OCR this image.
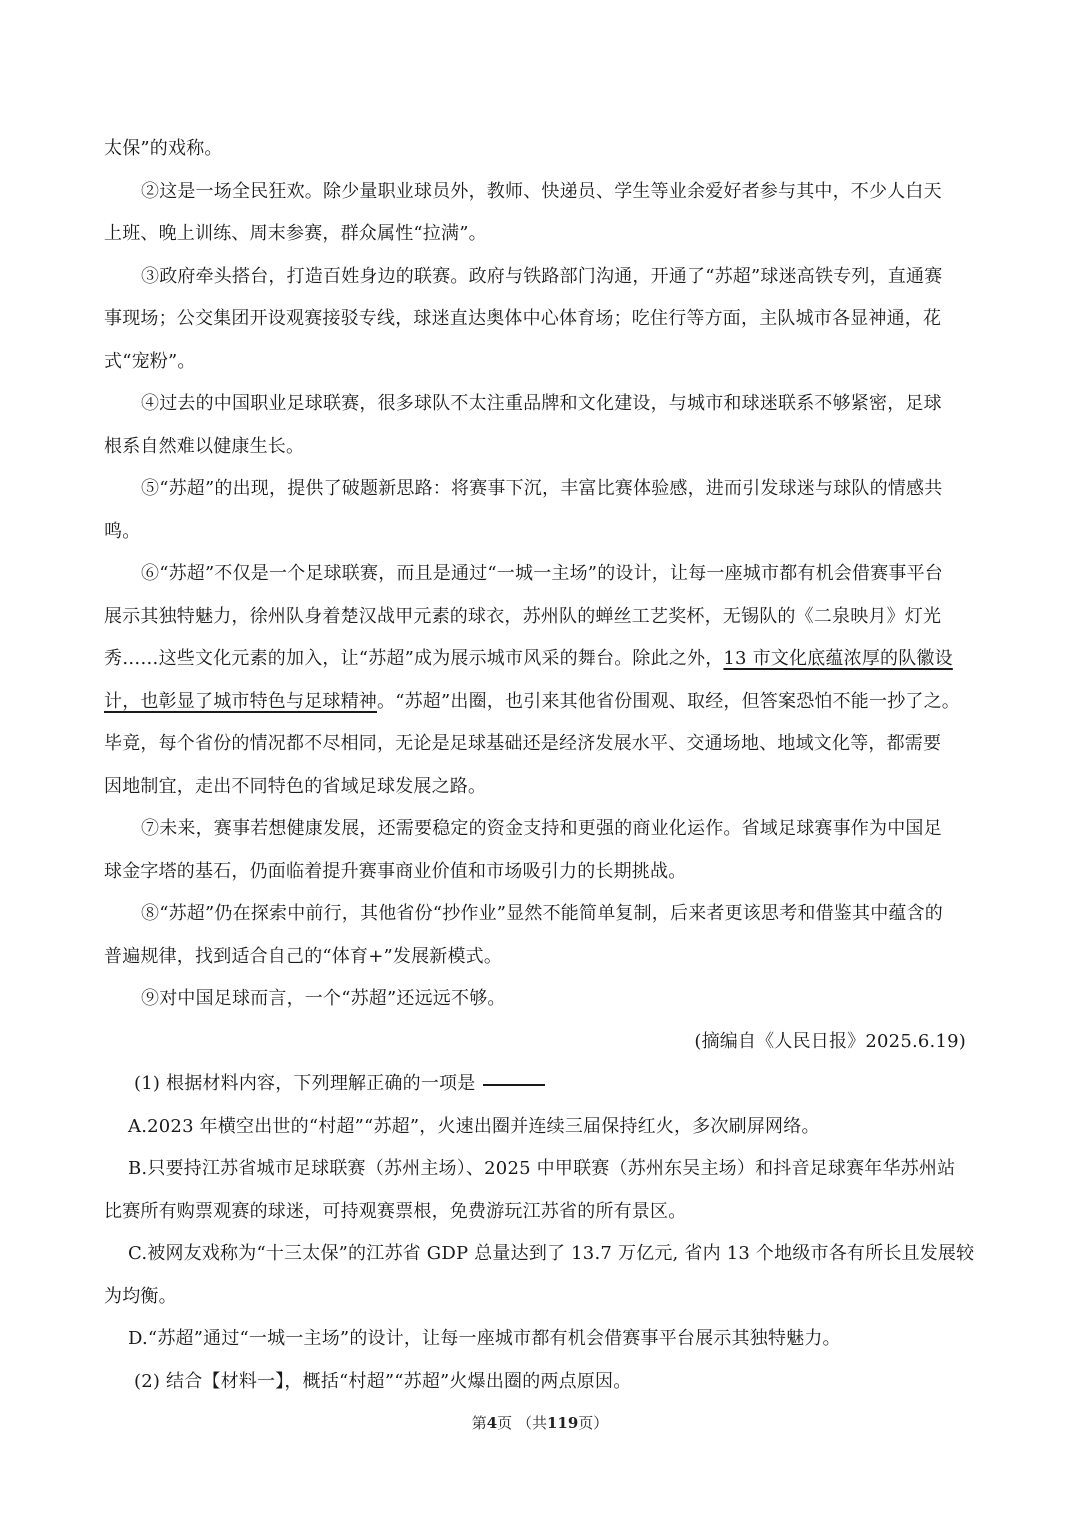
太保”的戏称。
②这是一场全民狂欢。除少量职业球员外，教师、快递员、学生等业余爱好者参与其中，不少人白天
上班、晚上训练、周末参赛，群众属性“拉满”。
③政府牵头搭台，打造百姓身边的联赛。政府与铁路部门沟通，开通了“苏超”球迷高铁专列，直通赛
事现场；公交集团开设观赛接驳专线，球迷直达奥体中心体育场；吃住行等方面，主队城市各显神通，花
式“宠粉”。
④过去的中国职业足球联赛，很多球队不太注重品牌和文化建设，与城市和球迷联系不够紧密，足球
根系自然难以健康生长。
⑤“苏超”的出现，提供了破题新思路：将赛事下沉，丰富比赛体验感，进而引发球迷与球队的情感共
鸣。
⑥“苏超”不仅是一个足球联赛，而且是通过“一城一主场”的设计，让每一座城市都有机会借赛事平台
展示其独特魅力，徐州队身着楚汉战甲元素的球衣，苏州队的蝉丝工艺奖杯，无锡队的《二泉映月》灯光
秀……这些文化元素的加入，让“苏超”成为展示城市风采的舞台。除此之外，13 市文化底蕴浓厚的队徽设
计，也彰显了城市特色与足球精神。“苏超”出圈，也引来其他省份围观、取经，但答案恐怕不能一抄了之。
毕竟，每个省份的情况都不尽相同，无论是足球基础还是经济发展水平、交通场地、地域文化等，都需要
因地制宜，走出不同特色的省域足球发展之路。
⑦未来，赛事若想健康发展，还需要稳定的资金支持和更强的商业化运作。省域足球赛事作为中国足
球金字塔的基石，仍面临着提升赛事商业价值和市场吸引力的长期挑战。
⑧“苏超”仍在探索中前行，其他省份“抄作业”显然不能简单复制，后来者更该思考和借鉴其中蕴含的
普遍规律，找到适合自己的“体育+”发展新模式。
⑨对中国足球而言，一个“苏超”还远远不够。
(摘编自《人民日报》2025.6.19)
(1) 根据材料内容，下列理解正确的一项是
A.2023 年横空出世的“村超”“苏超”，火速出圈并连续三届保持红火，多次刷屏网络。
B.只要持江苏省城市足球联赛（苏州主场）、2025 中甲联赛（苏州东吴主场）和抖音足球赛年华苏州站
比赛所有购票观赛的球迷，可持观赛票根，免费游玩江苏省的所有景区。
C.被网友戏称为“十三太保”的江苏省 GDP 总量达到了 13.7 万亿元, 省内 13 个地级市各有所长且发展较
为均衡。
D.“苏超”通过“一城一主场”的设计，让每一座城市都有机会借赛事平台展示其独特魅力。
(2) 结合【材料一】，概括“村超”“苏超”火爆出圈的两点原因。
第4页 （共119页）
